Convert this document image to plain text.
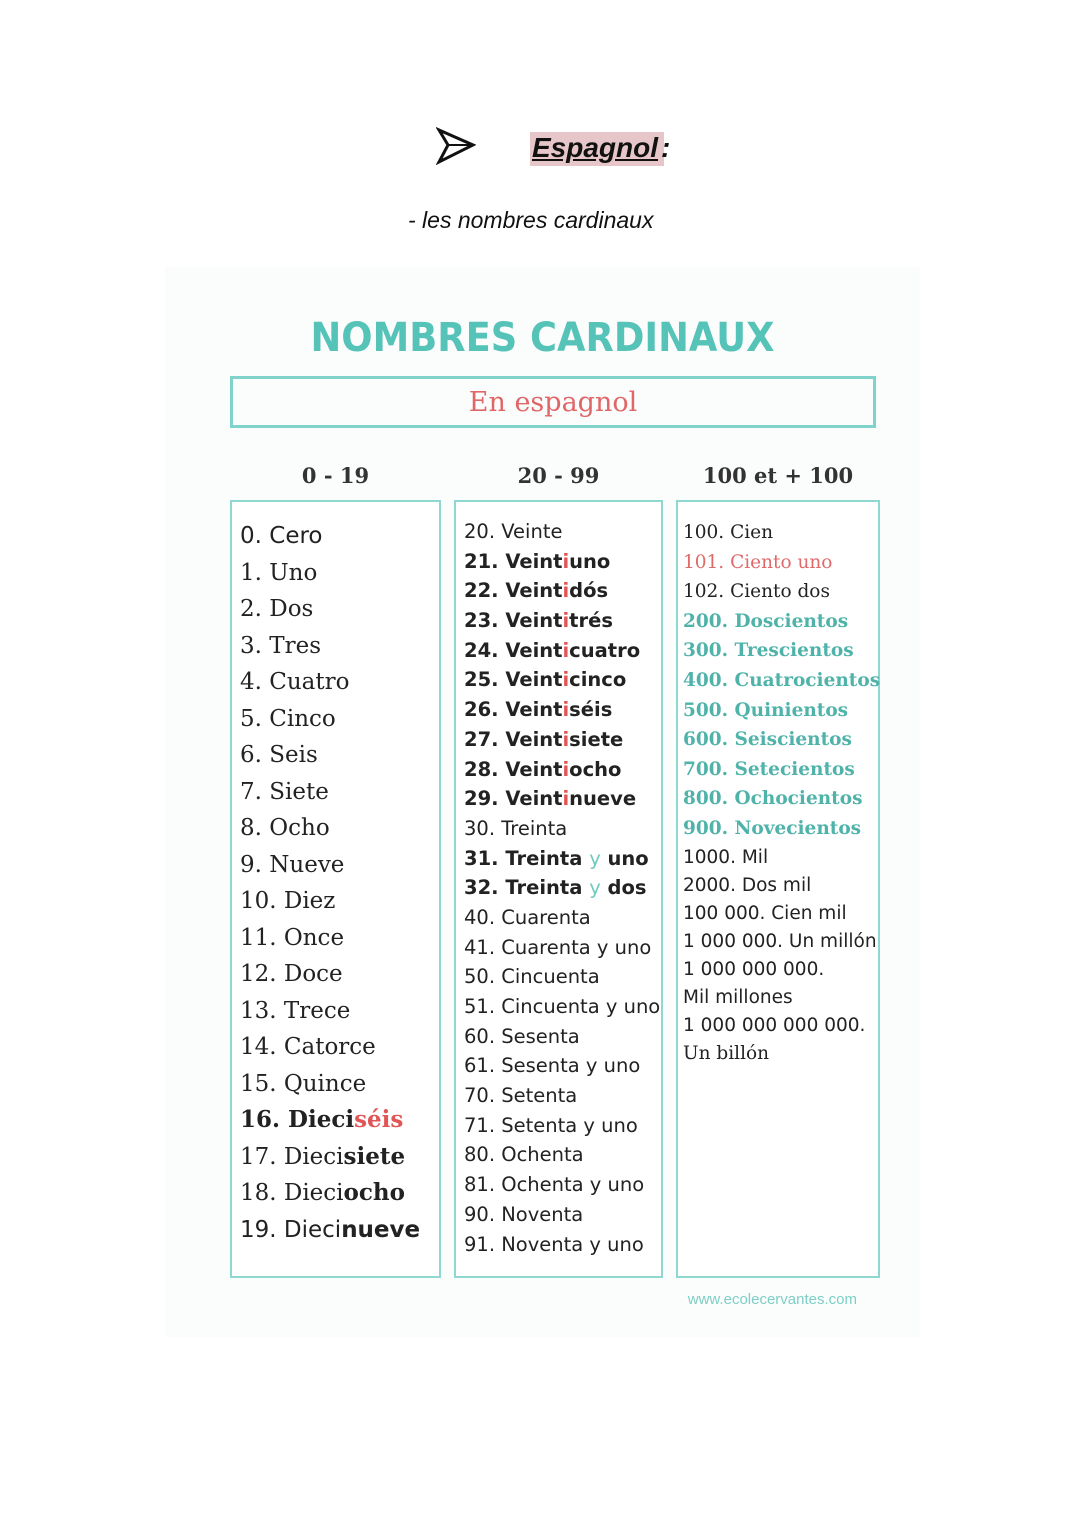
Espagnol :
- les nombres cardinaux
NOMBRES CARDINAUX
En espagnol
0 - 19	20 - 99	100 et + 100
0. Cero
1. Uno
2. Dos
3. Tres
4. Cuatro
5. Cinco
6. Seis
7. Siete
8. Ocho
9. Nueve
10. Diez
11. Once
12. Doce
13. Trece
14. Catorce
15. Quince
16. Dieciséis
17. Diecisiete
18. Dieciocho
19. Diecinueve
20. Veinte
21. Veintiuno
22. Veintidós
23. Veintitrés
24. Veinticuatro
25. Veinticinco
26. Veintiséis
27. Veintisiete
28. Veintiocho
29. Veintinueve
30. Treinta
31. Treinta y uno
32. Treinta y dos
40. Cuarenta
41. Cuarenta y uno
50. Cincuenta
51. Cincuenta y uno
60. Sesenta
61. Sesenta y uno
70. Setenta
71. Setenta y uno
80. Ochenta
81. Ochenta y uno
90. Noventa
91. Noventa y uno
100. Cien
101. Ciento uno
102. Ciento dos
200. Doscientos
300. Trescientos
400. Cuatrocientos
500. Quinientos
600. Seiscientos
700. Setecientos
800. Ochocientos
900. Novecientos
1000. Mil
2000. Dos mil
100 000. Cien mil
1 000 000. Un millón
1 000 000 000.
Mil millones
1 000 000 000 000.
Un billón
www.ecolecervantes.com
